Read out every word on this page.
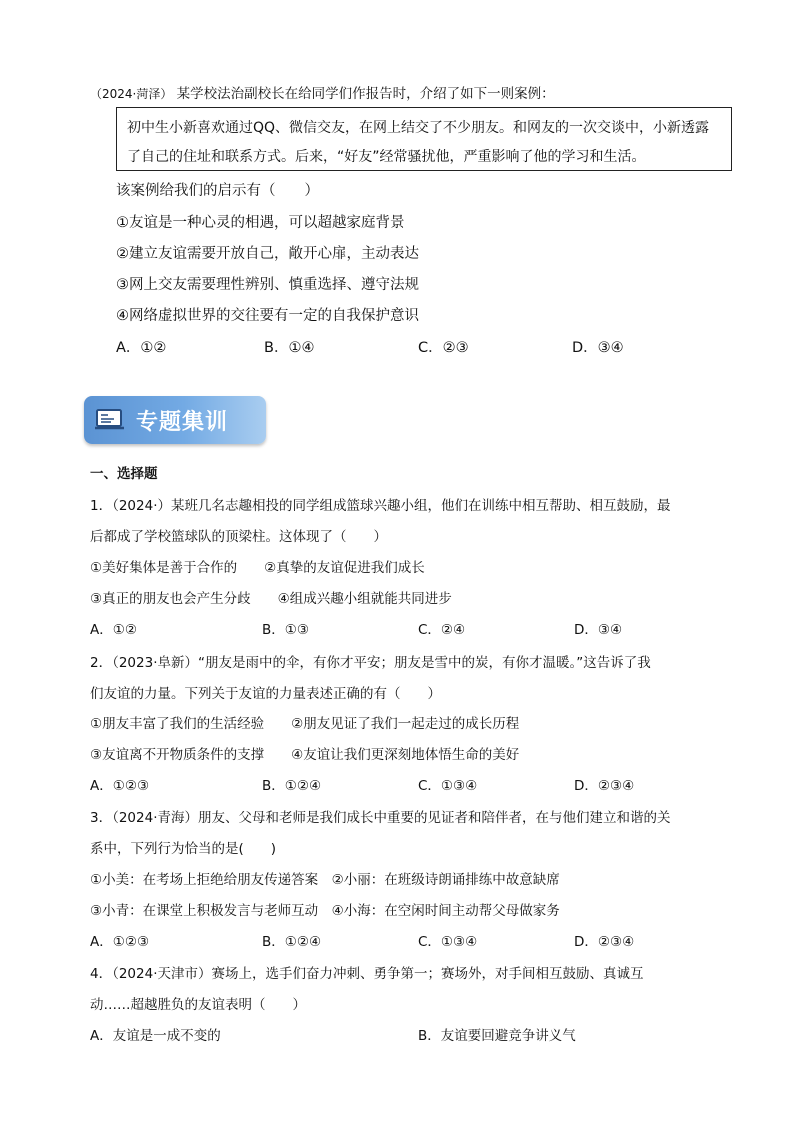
（2024·菏泽） 某学校法治副校长在给同学们作报告时，介绍了如下一则案例：
初中生小新喜欢通过QQ、微信交友，在网上结交了不少朋友。和网友的一次交谈中，小新透露
了自己的住址和联系方式。后来，“好友”经常骚扰他，严重影响了他的学习和生活。
该案例给我们的启示有（　　）
①友谊是一种心灵的相遇，可以超越家庭背景
②建立友谊需要开放自己，敞开心扉，主动表达
③网上交友需要理性辨别、慎重选择、遵守法规
④网络虚拟世界的交往要有一定的自我保护意识
A．①②	B．①④	C．②③	D．③④
专题集训
一、选择题
1．（2024·）某班几名志趣相投的同学组成篮球兴趣小组，他们在训练中相互帮助、相互鼓励，最
后都成了学校篮球队的顶梁柱。这体现了（　　）
①美好集体是善于合作的　　②真挚的友谊促进我们成长
③真正的朋友也会产生分歧　　④组成兴趣小组就能共同进步
A．①②	B．①③	C．②④	D．③④
2．（2023·阜新）“朋友是雨中的伞，有你才平安；朋友是雪中的炭，有你才温暖。”这告诉了我
们友谊的力量。下列关于友谊的力量表述正确的有（　　）
①朋友丰富了我们的生活经验　　②朋友见证了我们一起走过的成长历程
③友谊离不开物质条件的支撑　　④友谊让我们更深刻地体悟生命的美好
A．①②③	B．①②④	C．①③④	D．②③④
3．（2024·青海）朋友、父母和老师是我们成长中重要的见证者和陪伴者，在与他们建立和谐的关
系中，下列行为恰当的是(　　)
①小美：在考场上拒绝给朋友传递答案　②小丽：在班级诗朗诵排练中故意缺席
③小青：在课堂上积极发言与老师互动　④小海：在空闲时间主动帮父母做家务
A．①②③	B．①②④	C．①③④	D．②③④
4．（2024·天津市）赛场上，选手们奋力冲刺、勇争第一；赛场外，对手间相互鼓励、真诚互
动……超越胜负的友谊表明（　　）
A．友谊是一成不变的	B．友谊要回避竞争讲义气
